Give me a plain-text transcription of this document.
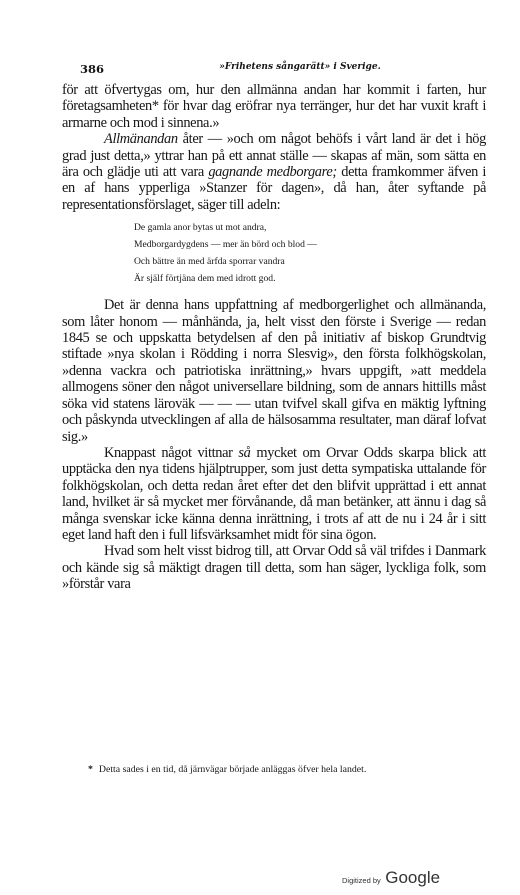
386	»Frihetens sångarätt» i Sverige.

för att öfvertygas om, hur den allmänna andan har kommit i farten, hur företagsamheten* för hvar dag eröfrar nya terränger, hur det har vuxit kraft i armarne och mod i sinnena.»

Allmänandan åter — »och om något behöfs i vårt land är det i hög grad just detta,» yttrar han på ett annat ställe — skapas af män, som sätta en ära och glädje uti att vara gagnande medborgare; detta framkommer äfven i en af hans ypperliga »Stanzer för dagen», då han, åter syftande på representationsförslaget, säger till adeln:

De gamla anor bytas ut mot andra,
Medborgardygdens — mer än börd och blod —
Och bättre än med ärfda sporrar vandra
Är själf förtjäna dem med idrott god.

Det är denna hans uppfattning af medborgerlighet och allmänanda, som låter honom — månhända, ja, helt visst den förste i Sverige — redan 1845 se och uppskatta betydelsen af den på initiativ af biskop Grundtvig stiftade »nya skolan i Rödding i norra Slesvig», den första folkhögskolan, »denna vackra och patriotiska inrättning,» hvars uppgift, »att meddela allmogens söner den något universellare bildning, som de annars hittills måst söka vid statens läroväk — — — utan tvifvel skall gifva en mäktig lyftning och påskynda utvecklingen af alla de hälsosamma resultater, man däraf lofvat sig.»

Knappast något vittnar så mycket om Orvar Odds skarpa blick att upptäcka den nya tidens hjälptrupper, som just detta sympatiska uttalande för folkhögskolan, och detta redan året efter det den blifvit upprättad i ett annat land, hvilket är så mycket mer förvånande, då man betänker, att ännu i dag så många svenskar icke känna denna inrättning, i trots af att de nu i 24 år i sitt eget land haft den i full lifsvärksamhet midt för sina ögon.

Hvad som helt visst bidrog till, att Orvar Odd så väl trifdes i Danmark och kände sig så mäktigt dragen till detta, som han säger, lyckliga folk, som »förstår vara

* Detta sades i en tid, då järnvägar började anläggas öfver hela landet.
Digitized by Google
